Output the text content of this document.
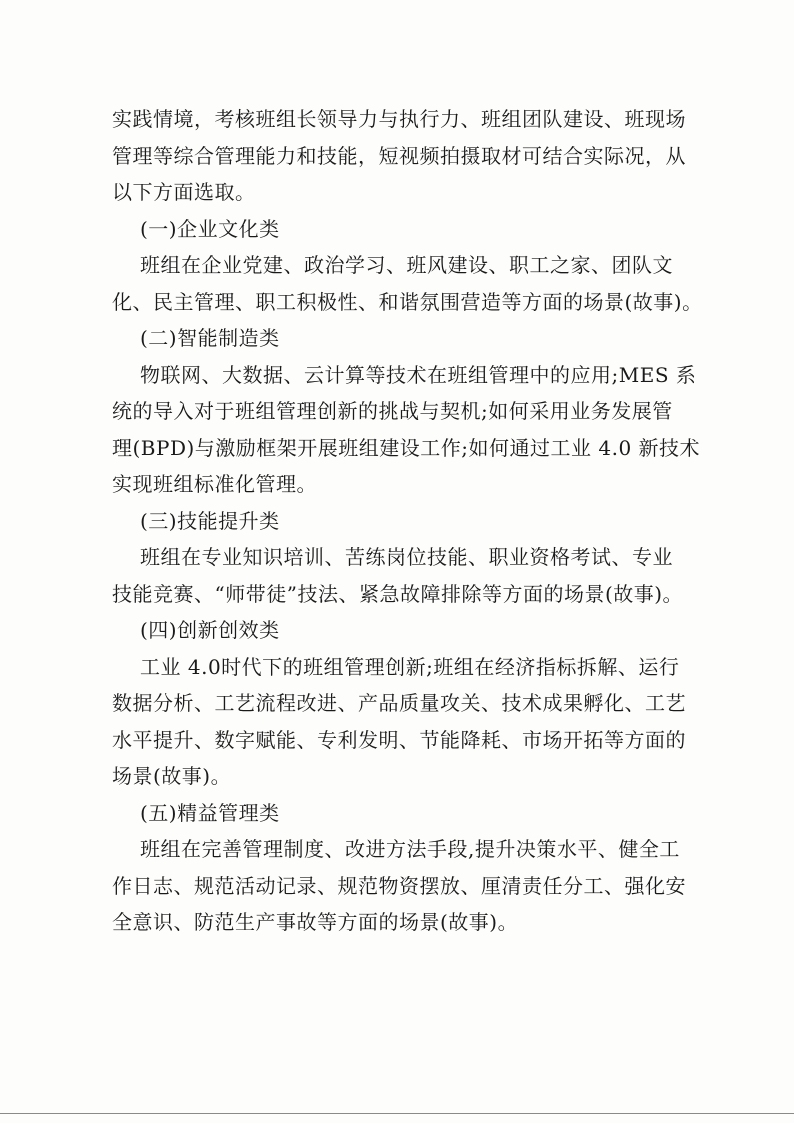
实践情境，考核班组长领导力与执行力、班组团队建设、班现场
管理等综合管理能力和技能，短视频拍摄取材可结合实际况，从
以下方面选取。
(一)企业文化类
班组在企业党建、政治学习、班风建设、职工之家、团队文
化、民主管理、职工积极性、和谐氛围营造等方面的场景(故事)。
(二)智能制造类
物联网、大数据、云计算等技术在班组管理中的应用;MES 系
统的导入对于班组管理创新的挑战与契机;如何采用业务发展管
理(BPD)与激励框架开展班组建设工作;如何通过工业 4.0 新技术
实现班组标准化管理。
(三)技能提升类
班组在专业知识培训、苦练岗位技能、职业资格考试、专业
技能竞赛、“师带徒”技法、紧急故障排除等方面的场景(故事)。
(四)创新创效类
工业 4.0时代下的班组管理创新;班组在经济指标拆解、运行
数据分析、工艺流程改进、产品质量攻关、技术成果孵化、工艺
水平提升、数字赋能、专利发明、节能降耗、市场开拓等方面的
场景(故事)。
(五)精益管理类
班组在完善管理制度、改进方法手段,提升决策水平、健全工
作日志、规范活动记录、规范物资摆放、厘清责任分工、强化安
全意识、防范生产事故等方面的场景(故事)。
